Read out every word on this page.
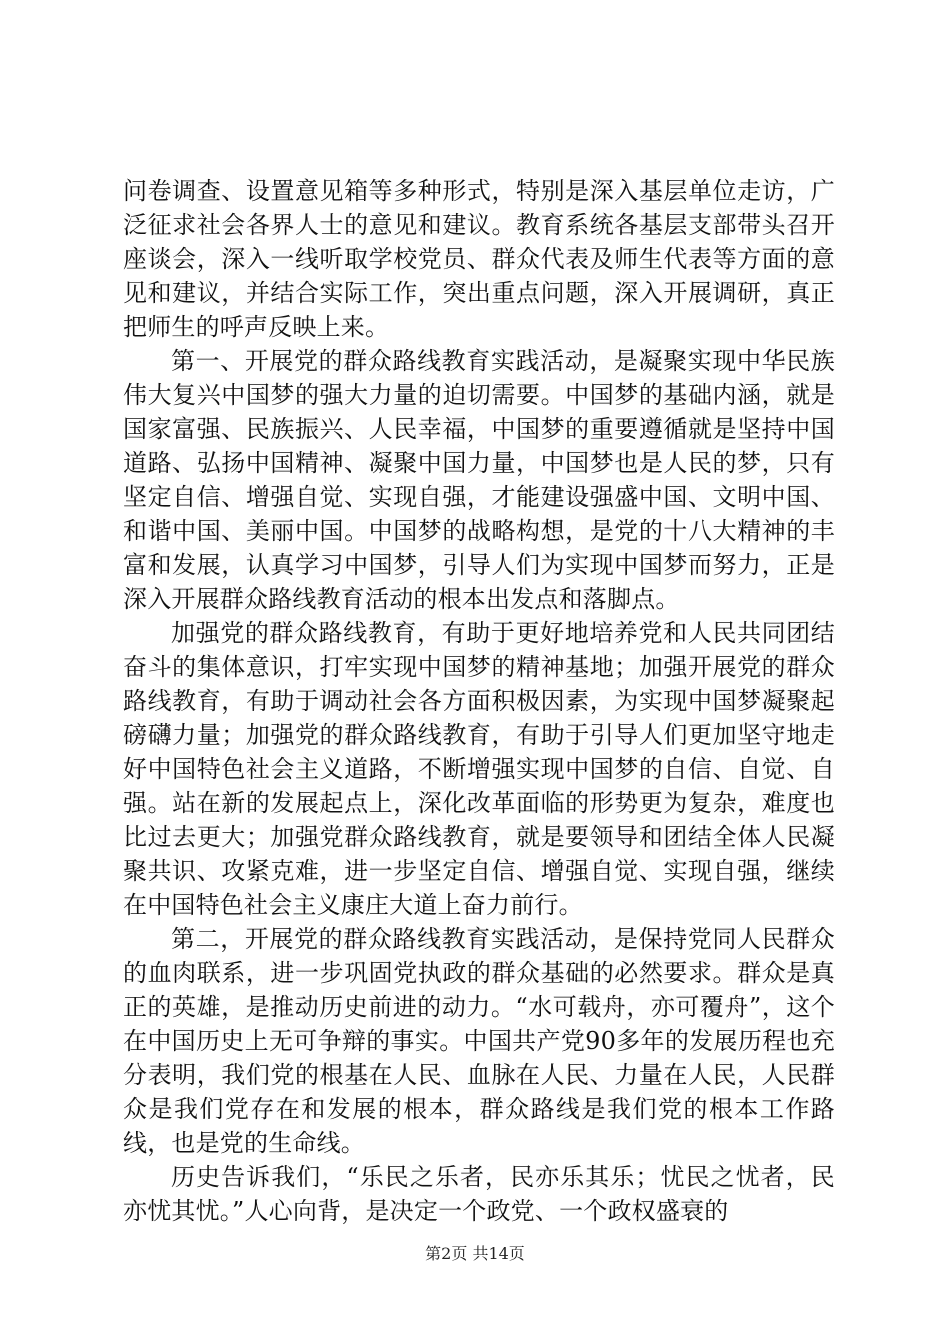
问卷调查、设置意见箱等多种形式，特别是深入基层单位走访，广泛征求社会各界人士的意见和建议。教育系统各基层支部带头召开座谈会，深入一线听取学校党员、群众代表及师生代表等方面的意见和建议，并结合实际工作，突出重点问题，深入开展调研，真正把师生的呼声反映上来。

第一、开展党的群众路线教育实践活动，是凝聚实现中华民族伟大复兴中国梦的强大力量的迫切需要。中国梦的基础内涵，就是国家富强、民族振兴、人民幸福，中国梦的重要遵循就是坚持中国道路、弘扬中国精神、凝聚中国力量，中国梦也是人民的梦，只有坚定自信、增强自觉、实现自强，才能建设强盛中国、文明中国、和谐中国、美丽中国。中国梦的战略构想，是党的十八大精神的丰富和发展，认真学习中国梦，引导人们为实现中国梦而努力，正是深入开展群众路线教育活动的根本出发点和落脚点。

加强党的群众路线教育，有助于更好地培养党和人民共同团结奋斗的集体意识，打牢实现中国梦的精神基地；加强开展党的群众路线教育，有助于调动社会各方面积极因素，为实现中国梦凝聚起磅礴力量；加强党的群众路线教育，有助于引导人们更加坚守地走好中国特色社会主义道路，不断增强实现中国梦的自信、自觉、自强。站在新的发展起点上，深化改革面临的形势更为复杂，难度也比过去更大；加强党群众路线教育，就是要领导和团结全体人民凝聚共识、攻紧克难，进一步坚定自信、增强自觉、实现自强，继续在中国特色社会主义康庄大道上奋力前行。

第二，开展党的群众路线教育实践活动，是保持党同人民群众的血肉联系，进一步巩固党执政的群众基础的必然要求。群众是真正的英雄，是推动历史前进的动力。“水可载舟，亦可覆舟”，这个在中国历史上无可争辩的事实。中国共产党90多年的发展历程也充分表明，我们党的根基在人民、血脉在人民、力量在人民，人民群众是我们党存在和发展的根本，群众路线是我们党的根本工作路线，也是党的生命线。

历史告诉我们，“乐民之乐者，民亦乐其乐；忧民之忧者，民亦忧其忧。”人心向背，是决定一个政党、一个政权盛衰的

第2页 共14页
